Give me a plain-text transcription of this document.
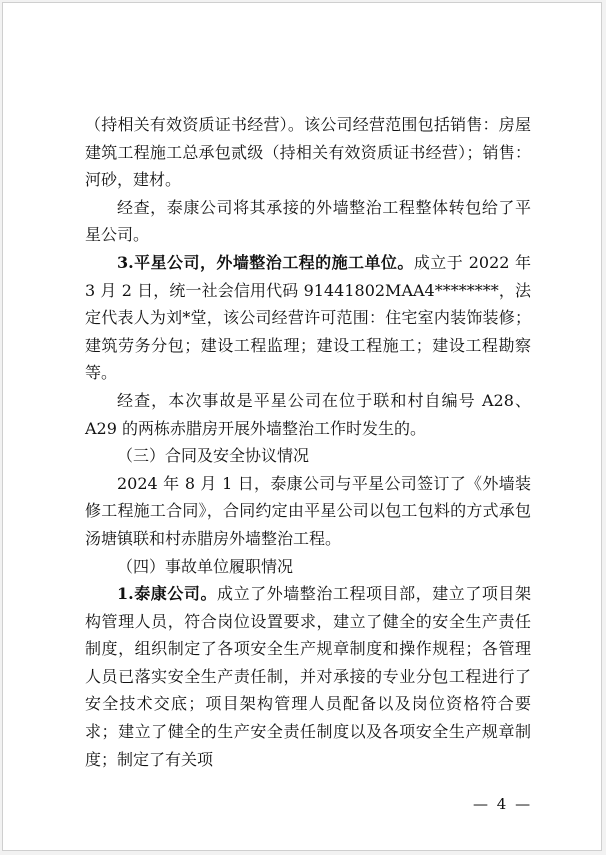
（持相关有效资质证书经营）。该公司经营范围包括销售：房屋建筑工程施工总承包贰级（持相关有效资质证书经营）；销售：河砂，建材。

经查，泰康公司将其承接的外墙整治工程整体转包给了平星公司。

3.平星公司，外墙整治工程的施工单位。成立于 2022 年 3 月 2 日，统一社会信用代码 91441802MAA4********，法定代表人为刘*堂，该公司经营许可范围：住宅室内装饰装修；建筑劳务分包；建设工程监理；建设工程施工；建设工程勘察等。

经查，本次事故是平星公司在位于联和村自编号 A28、A29 的两栋赤腊房开展外墙整治工作时发生的。

（三）合同及安全协议情况

2024 年 8 月 1 日，泰康公司与平星公司签订了《外墙装修工程施工合同》，合同约定由平星公司以包工包料的方式承包汤塘镇联和村赤腊房外墙整治工程。

（四）事故单位履职情况

1.泰康公司。成立了外墙整治工程项目部，建立了项目架构管理人员，符合岗位设置要求，建立了健全的安全生产责任制度，组织制定了各项安全生产规章制度和操作规程；各管理人员已落实安全生产责任制，并对承接的专业分包工程进行了安全技术交底；项目架构管理人员配备以及岗位资格符合要求；建立了健全的生产安全责任制度以及各项安全生产规章制度；制定了有关项

— 4 —
